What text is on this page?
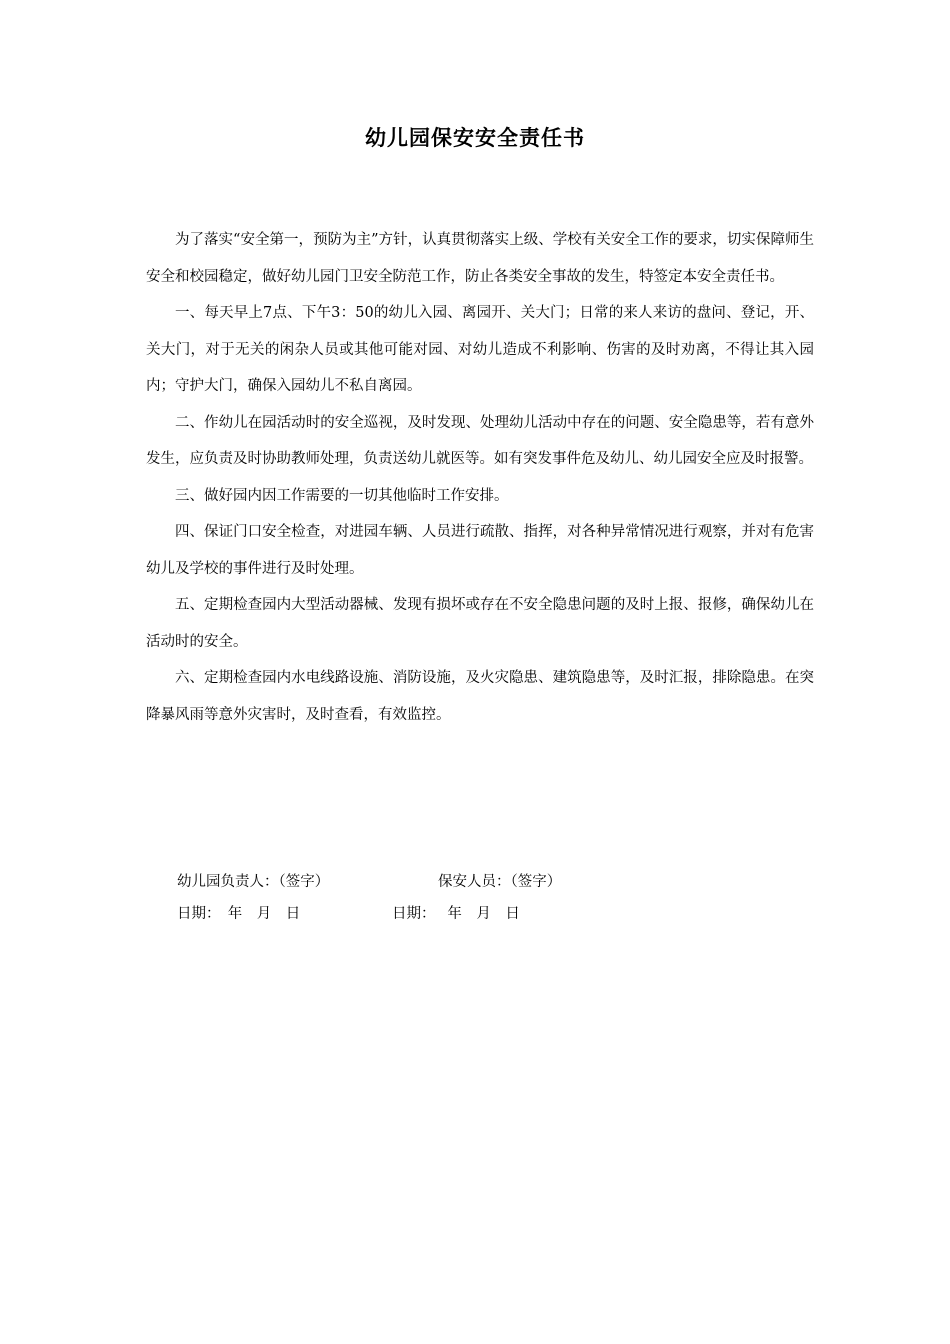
幼儿园保安安全责任书

为了落实“安全第一，预防为主”方针，认真贯彻落实上级、学校有关安全工作的要求，切实保障师生安全和校园稳定，做好幼儿园门卫安全防范工作，防止各类安全事故的发生，特签定本安全责任书。

一、每天早上7点、下午3：50的幼儿入园、离园开、关大门；日常的来人来访的盘问、登记，开、关大门，对于无关的闲杂人员或其他可能对园、对幼儿造成不利影响、伤害的及时劝离，不得让其入园内；守护大门，确保入园幼儿不私自离园。

二、作幼儿在园活动时的安全巡视，及时发现、处理幼儿活动中存在的问题、安全隐患等，若有意外发生，应负责及时协助教师处理，负责送幼儿就医等。如有突发事件危及幼儿、幼儿园安全应及时报警。

三、做好园内因工作需要的一切其他临时工作安排。

四、保证门口安全检查，对进园车辆、人员进行疏散、指挥，对各种异常情况进行观察，并对有危害幼儿及学校的事件进行及时处理。

五、定期检查园内大型活动器械、发现有损坏或存在不安全隐患问题的及时上报、报修，确保幼儿在活动时的安全。

六、定期检查园内水电线路设施、消防设施，及火灾隐患、建筑隐患等，及时汇报，排除隐患。在突降暴风雨等意外灾害时，及时查看，有效监控。

幼儿园负责人：（签字）

	保安人员：（签字）

日期：　年　月　日

	日期：　 年　月　日
